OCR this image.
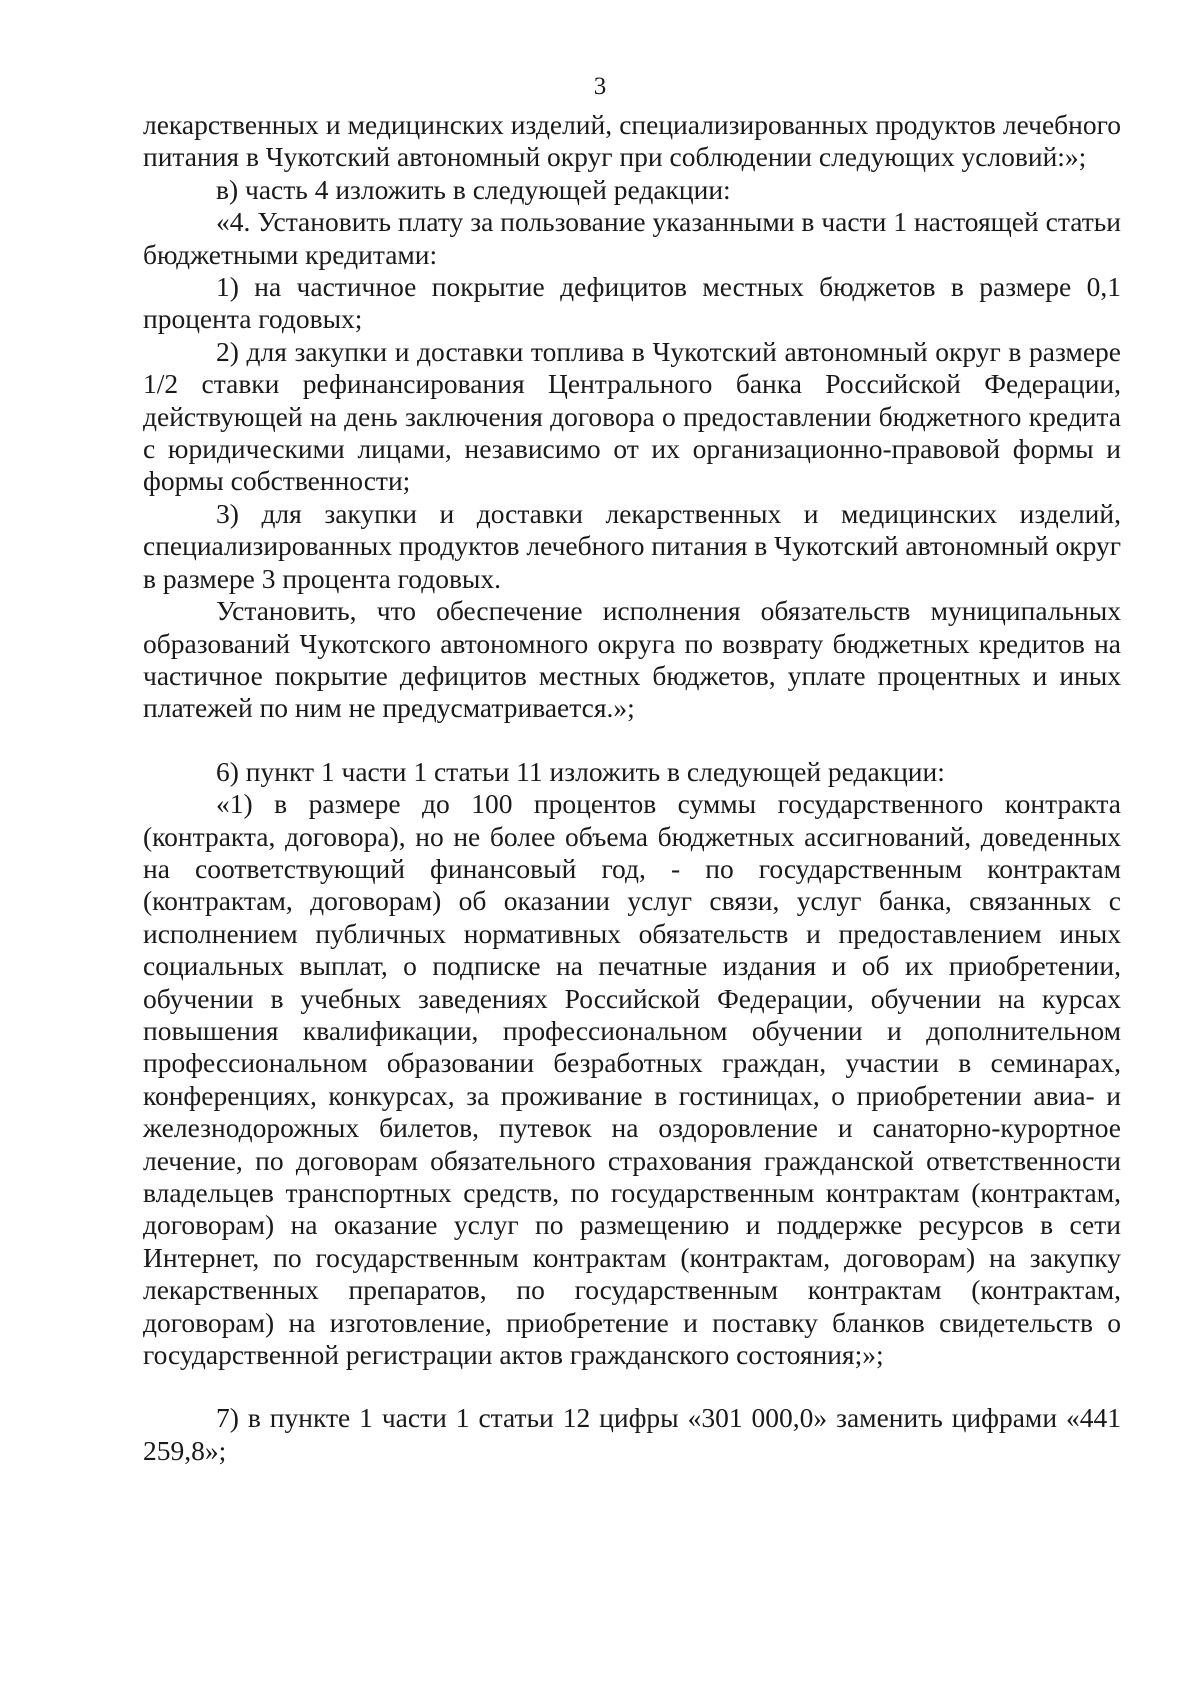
3

лекарственных и медицинских изделий, специализированных продуктов лечебного питания в Чукотский автономный округ при соблюдении следующих условий:»;

в) часть 4 изложить в следующей редакции:

«4. Установить плату за пользование указанными в части 1 настоящей статьи бюджетными кредитами:

1) на частичное покрытие дефицитов местных бюджетов в размере 0,1 процента годовых;

2) для закупки и доставки топлива в Чукотский автономный округ в размере 1/2 ставки рефинансирования Центрального банка Российской Федерации, действующей на день заключения договора о предоставлении бюджетного кредита с юридическими лицами, независимо от их организационно-правовой формы и формы собственности;

3) для закупки и доставки лекарственных и медицинских изделий, специализированных продуктов лечебного питания в Чукотский автономный округ в размере 3 процента годовых.

Установить, что обеспечение исполнения обязательств муниципальных образований Чукотского автономного округа по возврату бюджетных кредитов на частичное покрытие дефицитов местных бюджетов, уплате процентных и иных платежей по ним не предусматривается.»;

6) пункт 1 части 1 статьи 11 изложить в следующей редакции:

«1) в размере до 100 процентов суммы государственного контракта (контракта, договора), но не более объема бюджетных ассигнований, доведенных на соответствующий финансовый год, - по государственным контрактам (контрактам, договорам) об оказании услуг связи, услуг банка, связанных с исполнением публичных нормативных обязательств и предоставлением иных социальных выплат, о подписке на печатные издания и об их приобретении, обучении в учебных заведениях Российской Федерации, обучении на курсах повышения квалификации, профессиональном обучении и дополнительном профессиональном образовании безработных граждан, участии в семинарах, конференциях, конкурсах, за проживание в гостиницах, о приобретении авиа- и железнодорожных билетов, путевок на оздоровление и санаторно-курортное лечение, по договорам обязательного страхования гражданской ответственности владельцев транспортных средств, по государственным контрактам (контрактам, договорам) на оказание услуг по размещению и поддержке ресурсов в сети Интернет, по государственным контрактам (контрактам, договорам) на закупку лекарственных препаратов, по государственным контрактам (контрактам, договорам) на изготовление, приобретение и поставку бланков свидетельств о государственной регистрации актов гражданского состояния;»;

7) в пункте 1 части 1 статьи 12 цифры «301 000,0» заменить цифрами «441 259,8»;
